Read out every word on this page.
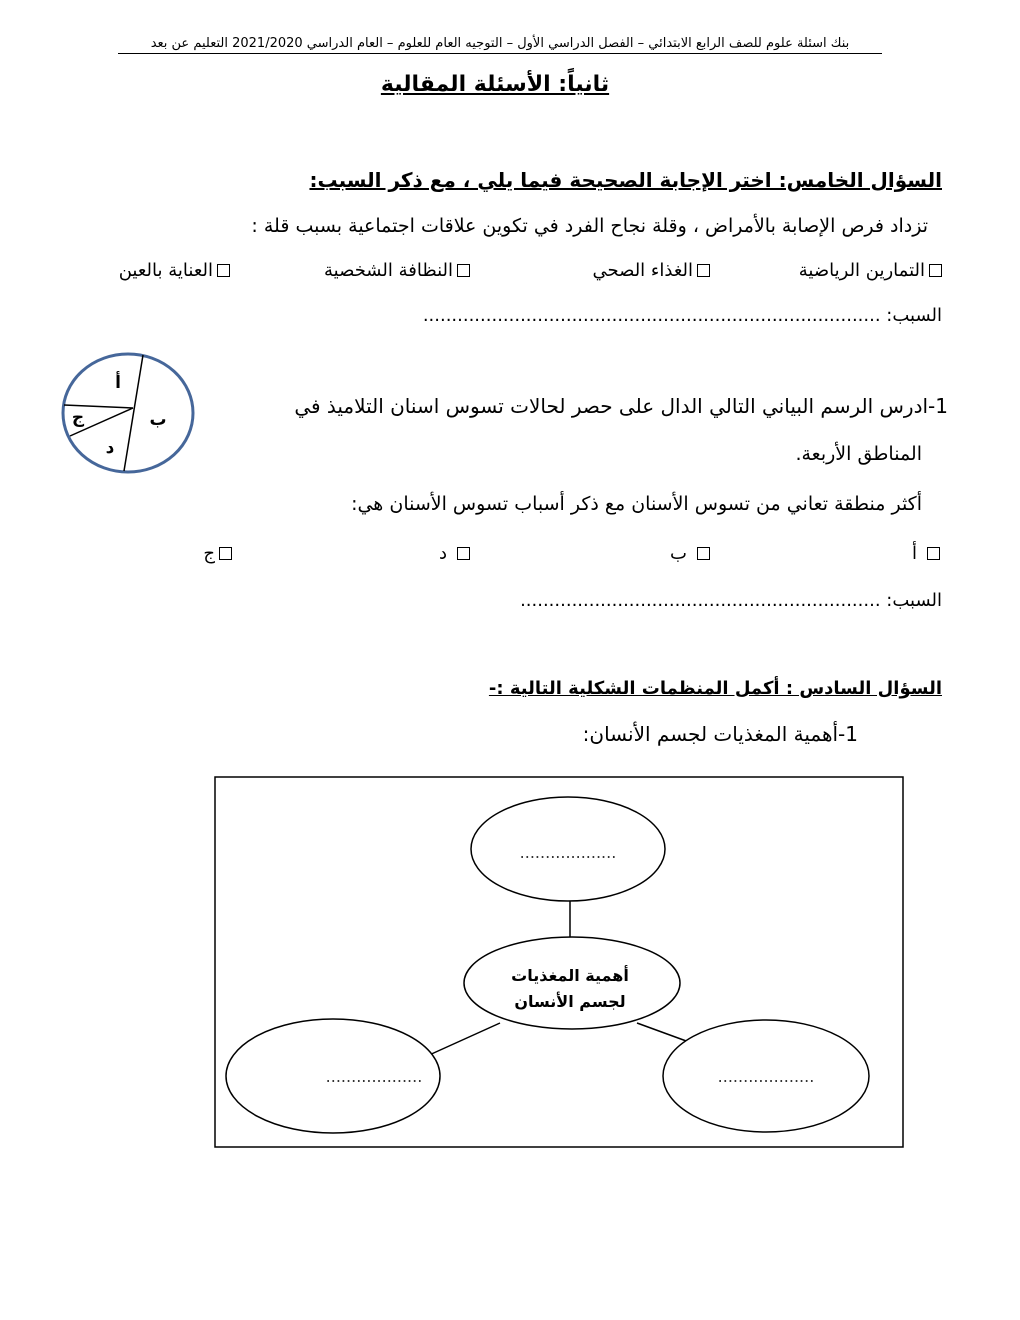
بنك اسئلة علوم للصف الرابع الابتدائي – الفصل الدراسي الأول – التوجيه العام للعلوم – العام الدراسي 2021/2020 التعليم عن بعد
ثانياً: الأسئلة المقالية
السؤال الخامس: اختر الإجابة الصحيحة فيما يلي ، مع ذكر السبب:
تزداد فرص الإصابة بالأمراض ، وقلة نجاح الفرد في تكوين علاقات اجتماعية بسبب قلة :
التمارين الرياضية
الغذاء الصحي
النظافة الشخصية
العناية بالعين
السبب: ................................................................................
أ
ب
د
ج	1-ادرس الرسم البياني التالي الدال على حصر لحالات تسوس اسنان التلاميذ في
المناطق الأربعة.
أكثر منطقة تعاني من تسوس الأسنان مع ذكر أسباب تسوس الأسنان هي:
أ
ب
د
ج
السبب: ...............................................................
السؤال السادس : أكمل المنظمات الشكلية التالية :-
1-أهمية المغذيات لجسم الأنسان:
...................
أهمية المغذيات
لجسم الأنسان
...................	...................
